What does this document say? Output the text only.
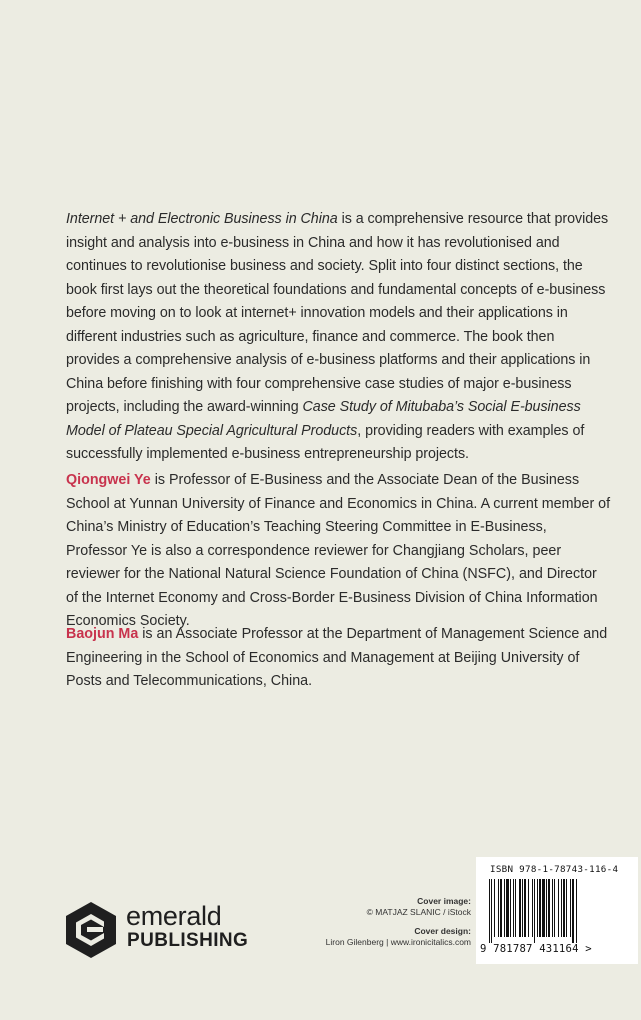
Internet + and Electronic Business in China is a comprehensive resource that provides insight and analysis into e-business in China and how it has revolutionised and continues to revolutionise business and society. Split into four distinct sections, the book first lays out the theoretical foundations and fundamental concepts of e-business before moving on to look at internet+ innovation models and their applications in different industries such as agriculture, finance and commerce. The book then provides a comprehensive analysis of e-business platforms and their applications in China before finishing with four comprehensive case studies of major e-business projects, including the award-winning Case Study of Mitubaba’s Social E-business Model of Plateau Special Agricultural Products, providing readers with examples of successfully implemented e-business entrepreneurship projects.

Qiongwei Ye is Professor of E-Business and the Associate Dean of the Business School at Yunnan University of Finance and Economics in China. A current member of China’s Ministry of Education’s Teaching Steering Committee in E-Business, Professor Ye is also a correspondence reviewer for Changjiang Scholars, peer reviewer for the National Natural Science Foundation of China (NSFC), and Director of the Internet Economy and Cross-Border E-Business Division of China Information Economics Society.

Baojun Ma is an Associate Professor at the Department of Management Science and Engineering in the School of Economics and Management at Beijing University of Posts and Telecommunications, China.

emerald
PUBLISHING
Cover image:
© MATJAZ SLANIC / iStock
Cover design:
Liron Gilenberg | www.ironicitalics.com
ISBN 978-1-78743-116-4
9 781787 431164 >
